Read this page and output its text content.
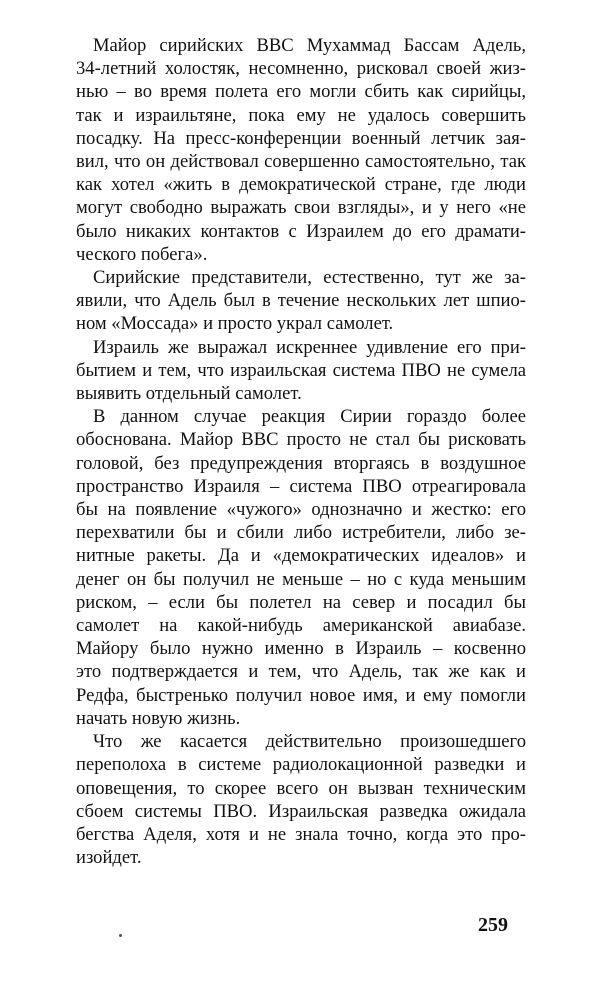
Майор сирийских ВВС Мухаммад Бассам Адель,
34-летний холостяк, несомненно, рисковал своей жиз-
нью – во время полета его могли сбить как сирийцы,
так и израильтяне, пока ему не удалось совершить
посадку. На пресс-конференции военный летчик зая-
вил, что он действовал совершенно самостоятельно, так
как хотел «жить в демократической стране, где люди
могут свободно выражать свои взгляды», и у него «не
было никаких контактов с Израилем до его драмати-
ческого побега».

Сирийские представители, естественно, тут же за-
явили, что Адель был в течение нескольких лет шпио-
ном «Моссада» и просто украл самолет.

Израиль же выражал искреннее удивление его при-
бытием и тем, что израильская система ПВО не сумела
выявить отдельный самолет.

В данном случае реакция Сирии гораздо более
обоснована. Майор ВВС просто не стал бы рисковать
головой, без предупреждения вторгаясь в воздушное
пространство Израиля – система ПВО отреагировала
бы на появление «чужого» однозначно и жестко: его
перехватили бы и сбили либо истребители, либо зе-
нитные ракеты. Да и «демократических идеалов» и
денег он бы получил не меньше – но с куда меньшим
риском, – если бы полетел на север и посадил бы
самолет на какой-нибудь американской авиабазе.
Майору было нужно именно в Израиль – косвенно
это подтверждается и тем, что Адель, так же как и
Редфа, быстренько получил новое имя, и ему помогли
начать новую жизнь.

Что же касается действительно произошедшего
переполоха в системе радиолокационной разведки и
оповещения, то скорее всего он вызван техническим
сбоем системы ПВО. Израильская разведка ожидала
бегства Аделя, хотя и не знала точно, когда это про-
изойдет.

259
